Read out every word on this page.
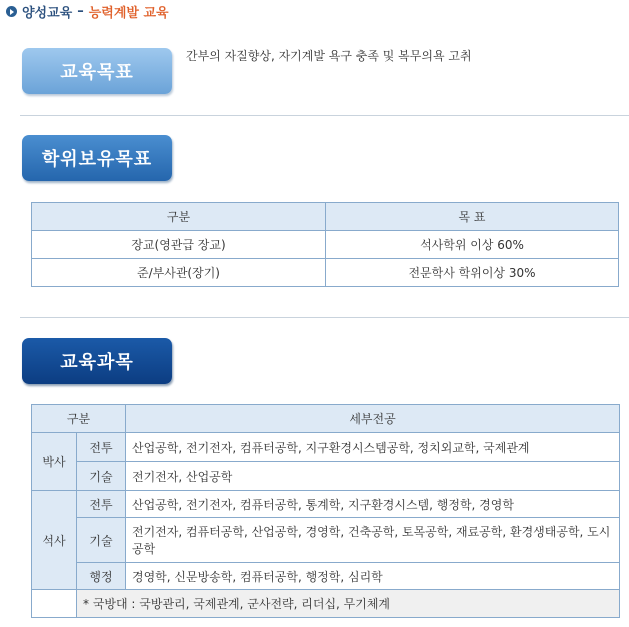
양성교육 – 능력계발 교육
교육목표
간부의 자질향상, 자기계발 욕구 충족 및 복무의욕 고취
학위보유목표
구분	목 표
장교(영관급 장교)	석사학위 이상 60%
준/부사관(장기)	전문학사 학위이상 30%
교육과목
구분		세부전공
박사	전투	산업공학, 전기전자, 컴퓨터공학, 지구환경시스템공학, 정치외교학, 국제관계
	기술	전기전자, 산업공학
석사	전투	산업공학, 전기전자, 컴퓨터공학, 통계학, 지구환경시스템, 행정학, 경영학
	기술	전기전자, 컴퓨터공학, 산업공학, 경영학, 건축공학, 토목공학, 재료공학, 환경생태공학, 도시공학
	행정	경영학, 신문방송학, 컴퓨터공학, 행정학, 심리학
	* 국방대 : 국방관리, 국제관계, 군사전략, 리더십, 무기체계	
